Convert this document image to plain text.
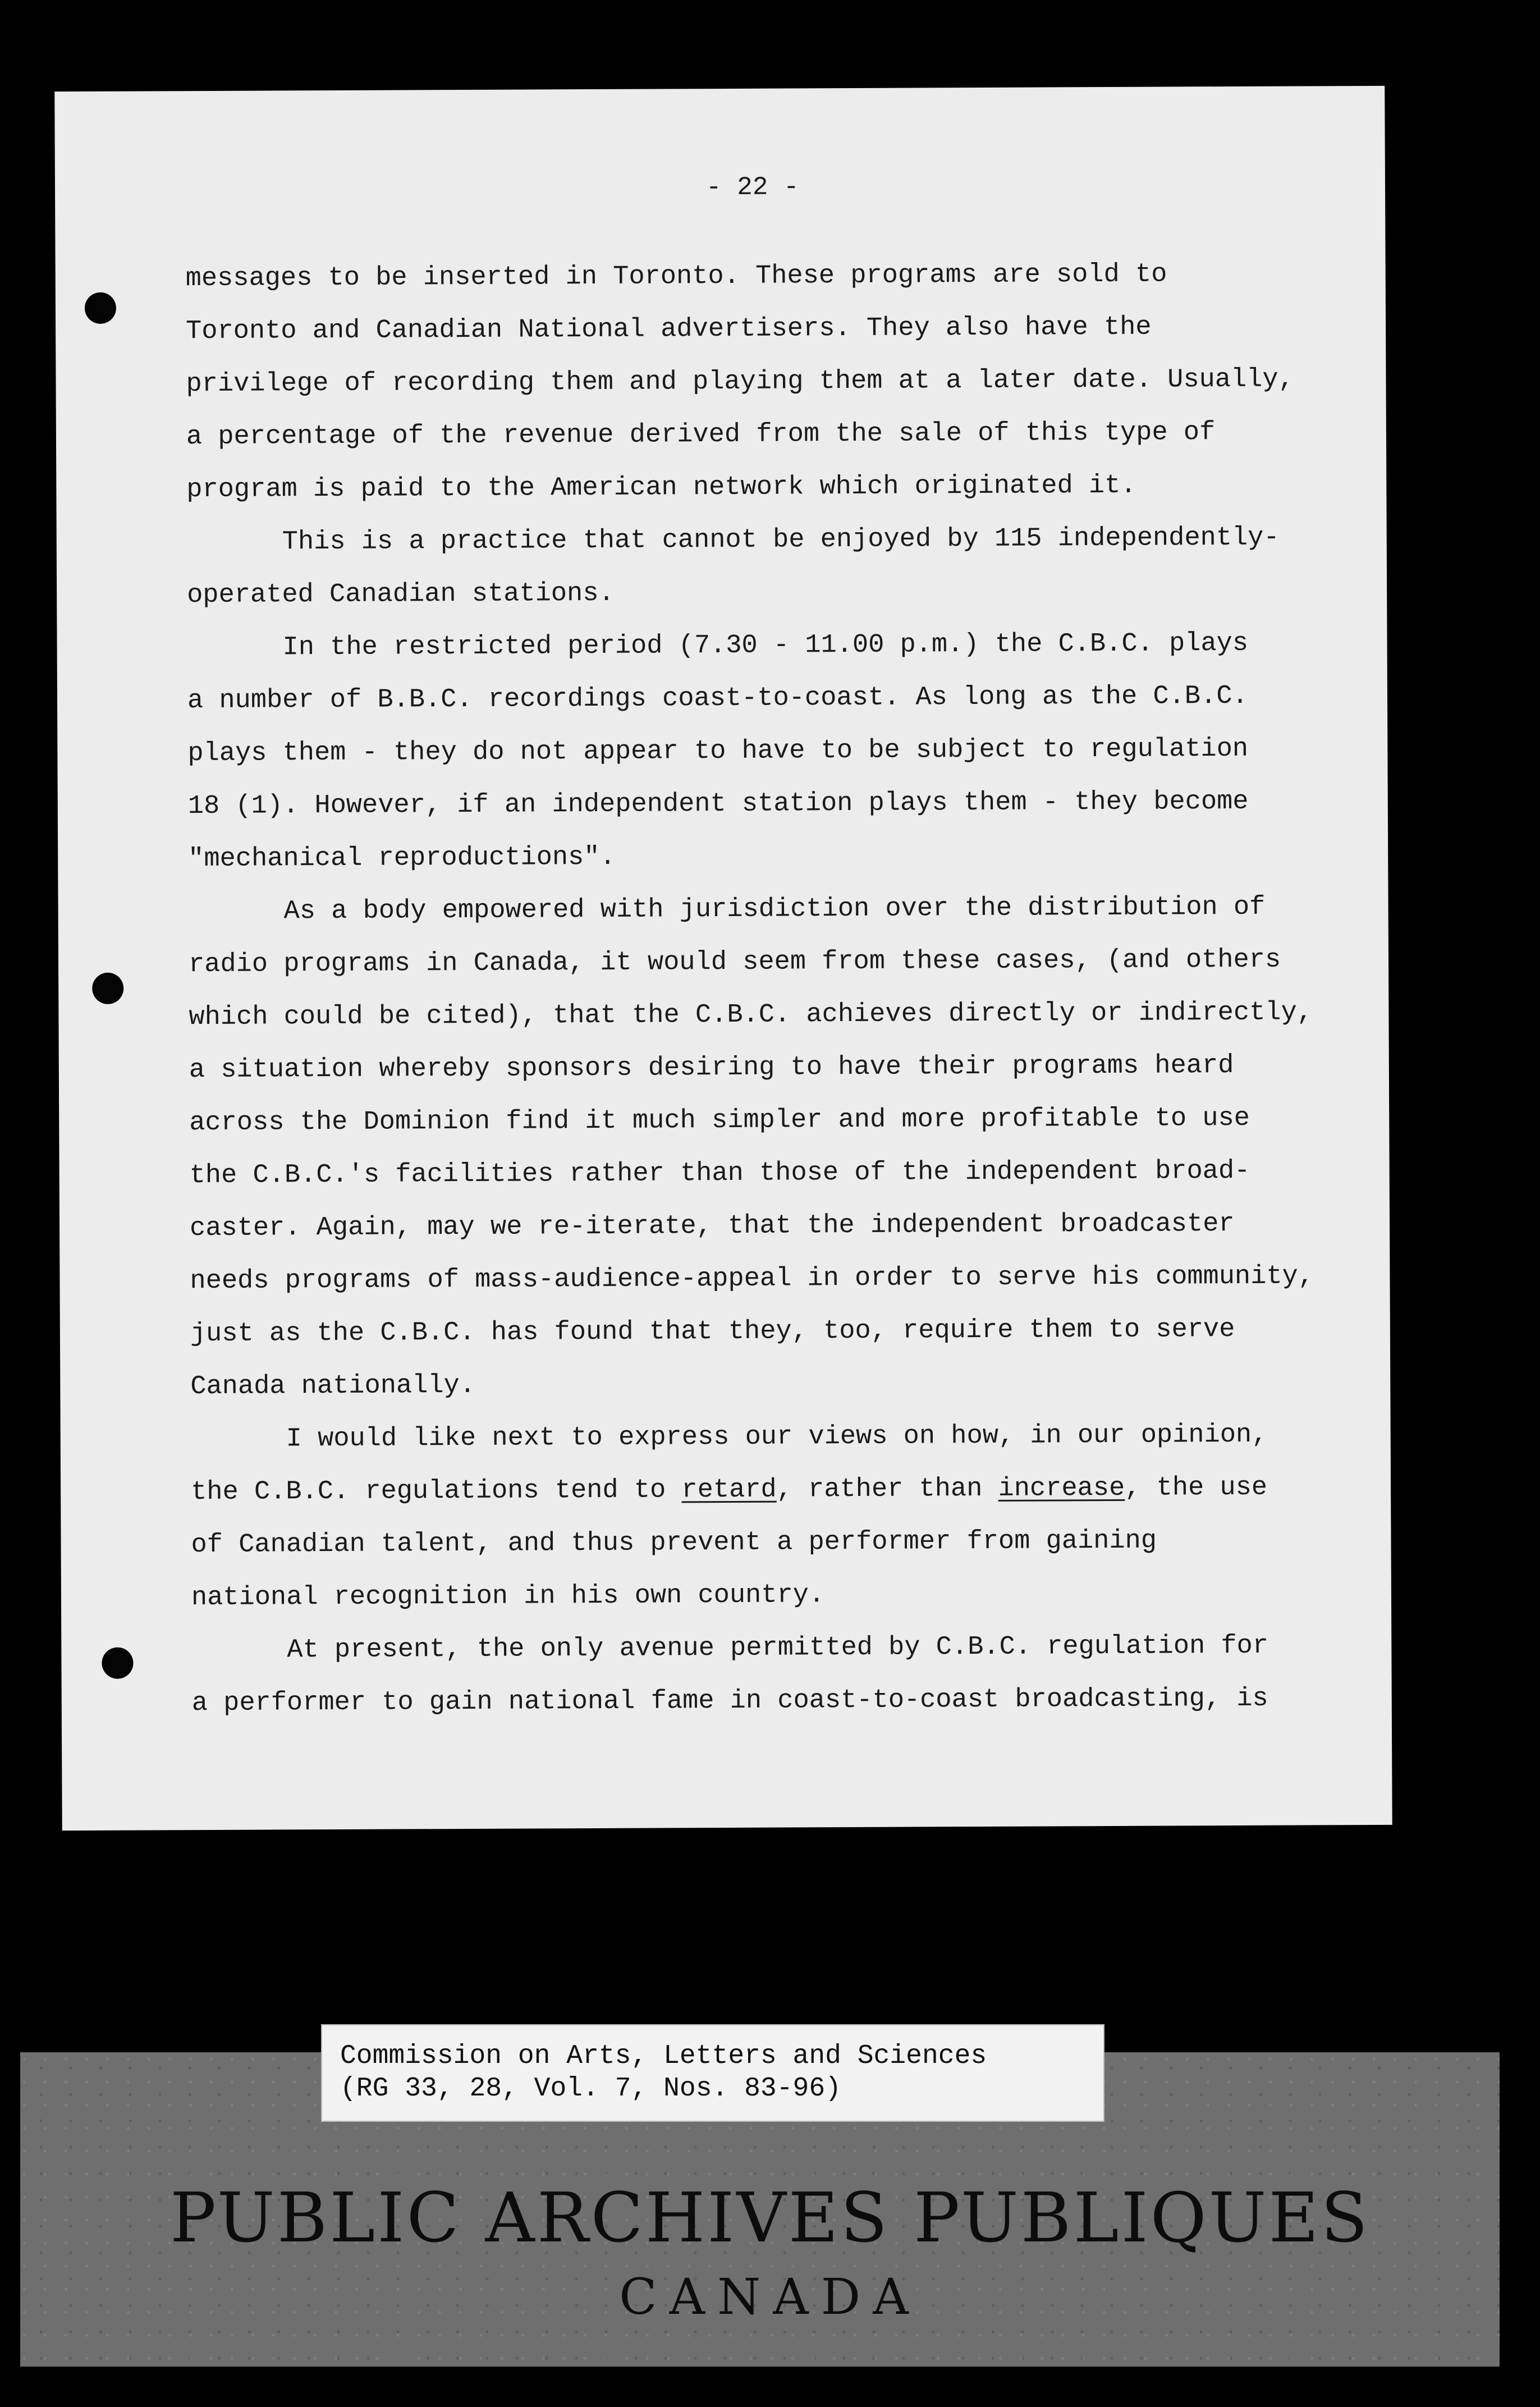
- 22 -

messages to be inserted in Toronto. These programs are sold to
Toronto and Canadian National advertisers. They also have the
privilege of recording them and playing them at a later date. Usually,
a percentage of the revenue derived from the sale of this type of
program is paid to the American network which originated it.

This is a practice that cannot be enjoyed by 115 independently-
operated Canadian stations.

In the restricted period (7.30 - 11.00 p.m.) the C.B.C. plays
a number of B.B.C. recordings coast-to-coast. As long as the C.B.C.
plays them - they do not appear to have to be subject to regulation
18 (1). However, if an independent station plays them - they become
"mechanical reproductions".

As a body empowered with jurisdiction over the distribution of
radio programs in Canada, it would seem from these cases, (and others
which could be cited), that the C.B.C. achieves directly or indirectly,
a situation whereby sponsors desiring to have their programs heard
across the Dominion find it much simpler and more profitable to use
the C.B.C.'s facilities rather than those of the independent broad-
caster. Again, may we re-iterate, that the independent broadcaster
needs programs of mass-audience-appeal in order to serve his community,
just as the C.B.C. has found that they, too, require them to serve
Canada nationally.

I would like next to express our views on how, in our opinion,
the C.B.C. regulations tend to retard, rather than increase, the use
of Canadian talent, and thus prevent a performer from gaining
national recognition in his own country.

At present, the only avenue permitted by C.B.C. regulation for
a performer to gain national fame in coast-to-coast broadcasting, is

Commission on Arts, Letters and Sciences
(RG 33, 28, Vol. 7, Nos. 83-96)
PUBLIC ARCHIVES PUBLIQUES
CANADA
